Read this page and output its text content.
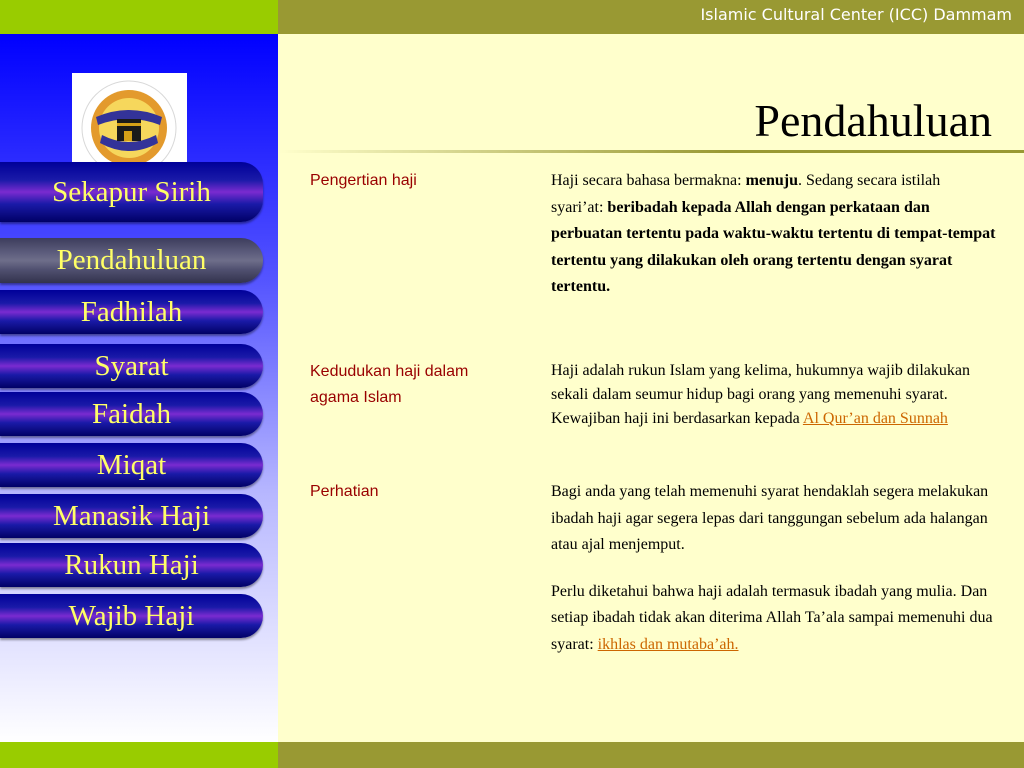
Islamic Cultural Center (ICC) Dammam
Sekapur Sirih
Pendahuluan
Fadhilah
Syarat
Faidah
Miqat
Manasik Haji
Rukun Haji
Wajib Haji
Pendahuluan
Pengertian haji	Haji secara bahasa bermakna: menuju. Sedang secara istilah syari’at: beribadah kepada Allah dengan perkataan dan perbuatan tertentu pada waktu-waktu tertentu di tempat-tempat tertentu yang dilakukan oleh orang tertentu dengan syarat tertentu.
Kedudukan haji dalam agama Islam
Haji adalah rukun Islam yang kelima, hukumnya wajib dilakukan sekali dalam seumur hidup bagi orang yang memenuhi syarat. Kewajiban haji ini berdasarkan kepada Al Qur’an dan Sunnah
Perhatian	Bagi anda yang telah memenuhi syarat hendaklah segera melakukan ibadah haji agar segera lepas dari tanggungan sebelum ada halangan atau ajal menjemput.
Perlu diketahui bahwa haji adalah termasuk ibadah yang mulia. Dan setiap ibadah tidak akan diterima Allah Ta’ala sampai memenuhi dua syarat: ikhlas dan mutaba’ah.
